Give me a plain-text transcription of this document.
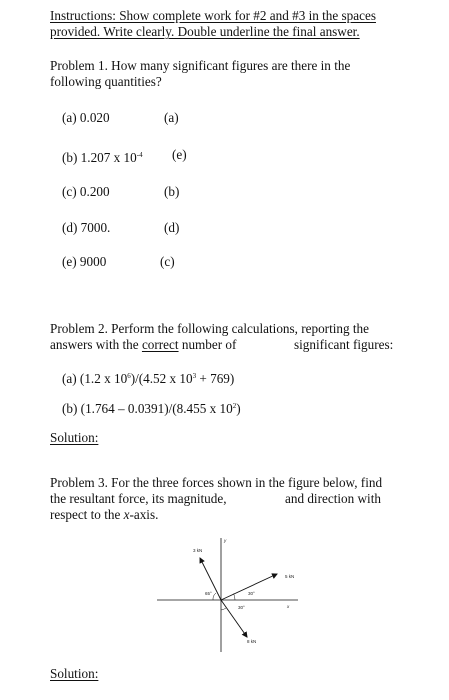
Instructions: Show complete work for #2 and #3 in the spaces
provided. Write clearly. Double underline the final answer.
Problem 1. How many significant figures are there in the
following quantities?
(a) 0.020	(a)
(b) 1.207 x $10^{-4}$ (e)
(c) 0.200	(b)
(d) 7000.	(d)
(e) 9000	(c)
Problem 2. Perform the following calculations, reporting the
answers with the correct number of	significant figures:
(a) (1.2 x $10^6)/(4.52$ x $10^3 + 769$)
(b) (1.764 – 0.0391)/(8.455 x $10^2$)
Solution:
Problem 3. For the three forces shown in the figure below, find
the resultant force, its magnitude,	and direction with
respect to the x-axis.
3 kN
5 kN
8 kN
65°	30°
30°
y
x
Solution:
